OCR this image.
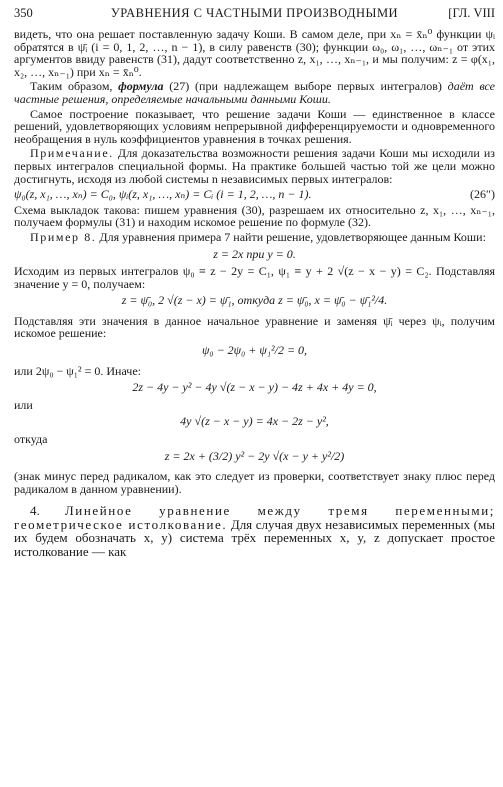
350	УРАВНЕНИЯ С ЧАСТНЫМИ ПРОИЗВОДНЫМИ	[ГЛ. VIII

видеть, что она решает поставленную задачу Коши. В самом деле, при xₙ = x̄ₙ⁰ функции ψᵢ обратятся в ψ̄ᵢ (i = 0, 1, 2, …, n − 1), в силу равенств (30); функции ω₀, ω₁, …, ωₙ₋₁ от этих аргументов ввиду равенств (31), дадут соответственно z, x₁, …, xₙ₋₁, и мы получим: z = φ(x₁, x₂, …, xₙ₋₁) при xₙ = x̄ₙ⁰.

Таким образом, формула (27) (при надлежащем выборе первых интегралов) даёт все частные решения, определяемые начальными данными Коши.

Самое построение показывает, что решение задачи Коши — единственное в классе решений, удовлетворяющих условиям непрерывной дифференцируемости и одновременного необращения в нуль коэффициентов уравнения в точках решения.

Примечание. Для доказательства возможности решения задачи Коши мы исходили из первых интегралов специальной формы. На практике большей частью той же цели можно достигнуть, исходя из любой системы n независимых первых интегралов:

ψ₀(z, x₁, …, xₙ) = C₀, ψᵢ(z, x₁, …, xₙ) = Cᵢ (i = 1, 2, …, n − 1).	(26″)

Схема выкладок такова: пишем уравнения (30), разрешаем их относительно z, x₁, …, xₙ₋₁, получаем формулы (31) и находим искомое решение по формуле (32).

Пример 8. Для уравнения примера 7 найти решение, удовлетворяющее данным Коши:

z = 2x при y = 0.

Исходим из первых интегралов ψ₀ ≡ z − 2y = C₁, ψ₁ ≡ y + 2 √(z − x − y) = C₂. Подставляя значение y = 0, получаем:

z = ψ̄₀, 2 √(z − x) = ψ̄₁, откуда z = ψ̄₀, x = ψ̄₀ − ψ̄₁²/4.

Подставляя эти значения в данное начальное уравнение и заменяя ψ̄ᵢ через ψᵢ, получим искомое решение:

ψ₀ − 2ψ₀ + ψ₁²/2 = 0,

или 2ψ₀ − ψ₁² = 0. Иначе:

2z − 4y − y² − 4y √(z − x − y) − 4z + 4x + 4y = 0,

или

4y √(z − x − y) = 4x − 2z − y²,

откуда

z = 2x + (3/2) y² − 2y √(x − y + y²/2)

(знак минус перед радикалом, как это следует из проверки, соответствует знаку плюс перед радикалом в данном уравнении).

4. Линейное уравнение между тремя переменными; геометрическое истолкование. Для случая двух независимых переменных (мы их будем обозначать x, y) система трёх переменных x, y, z допускает простое истолкование — как
